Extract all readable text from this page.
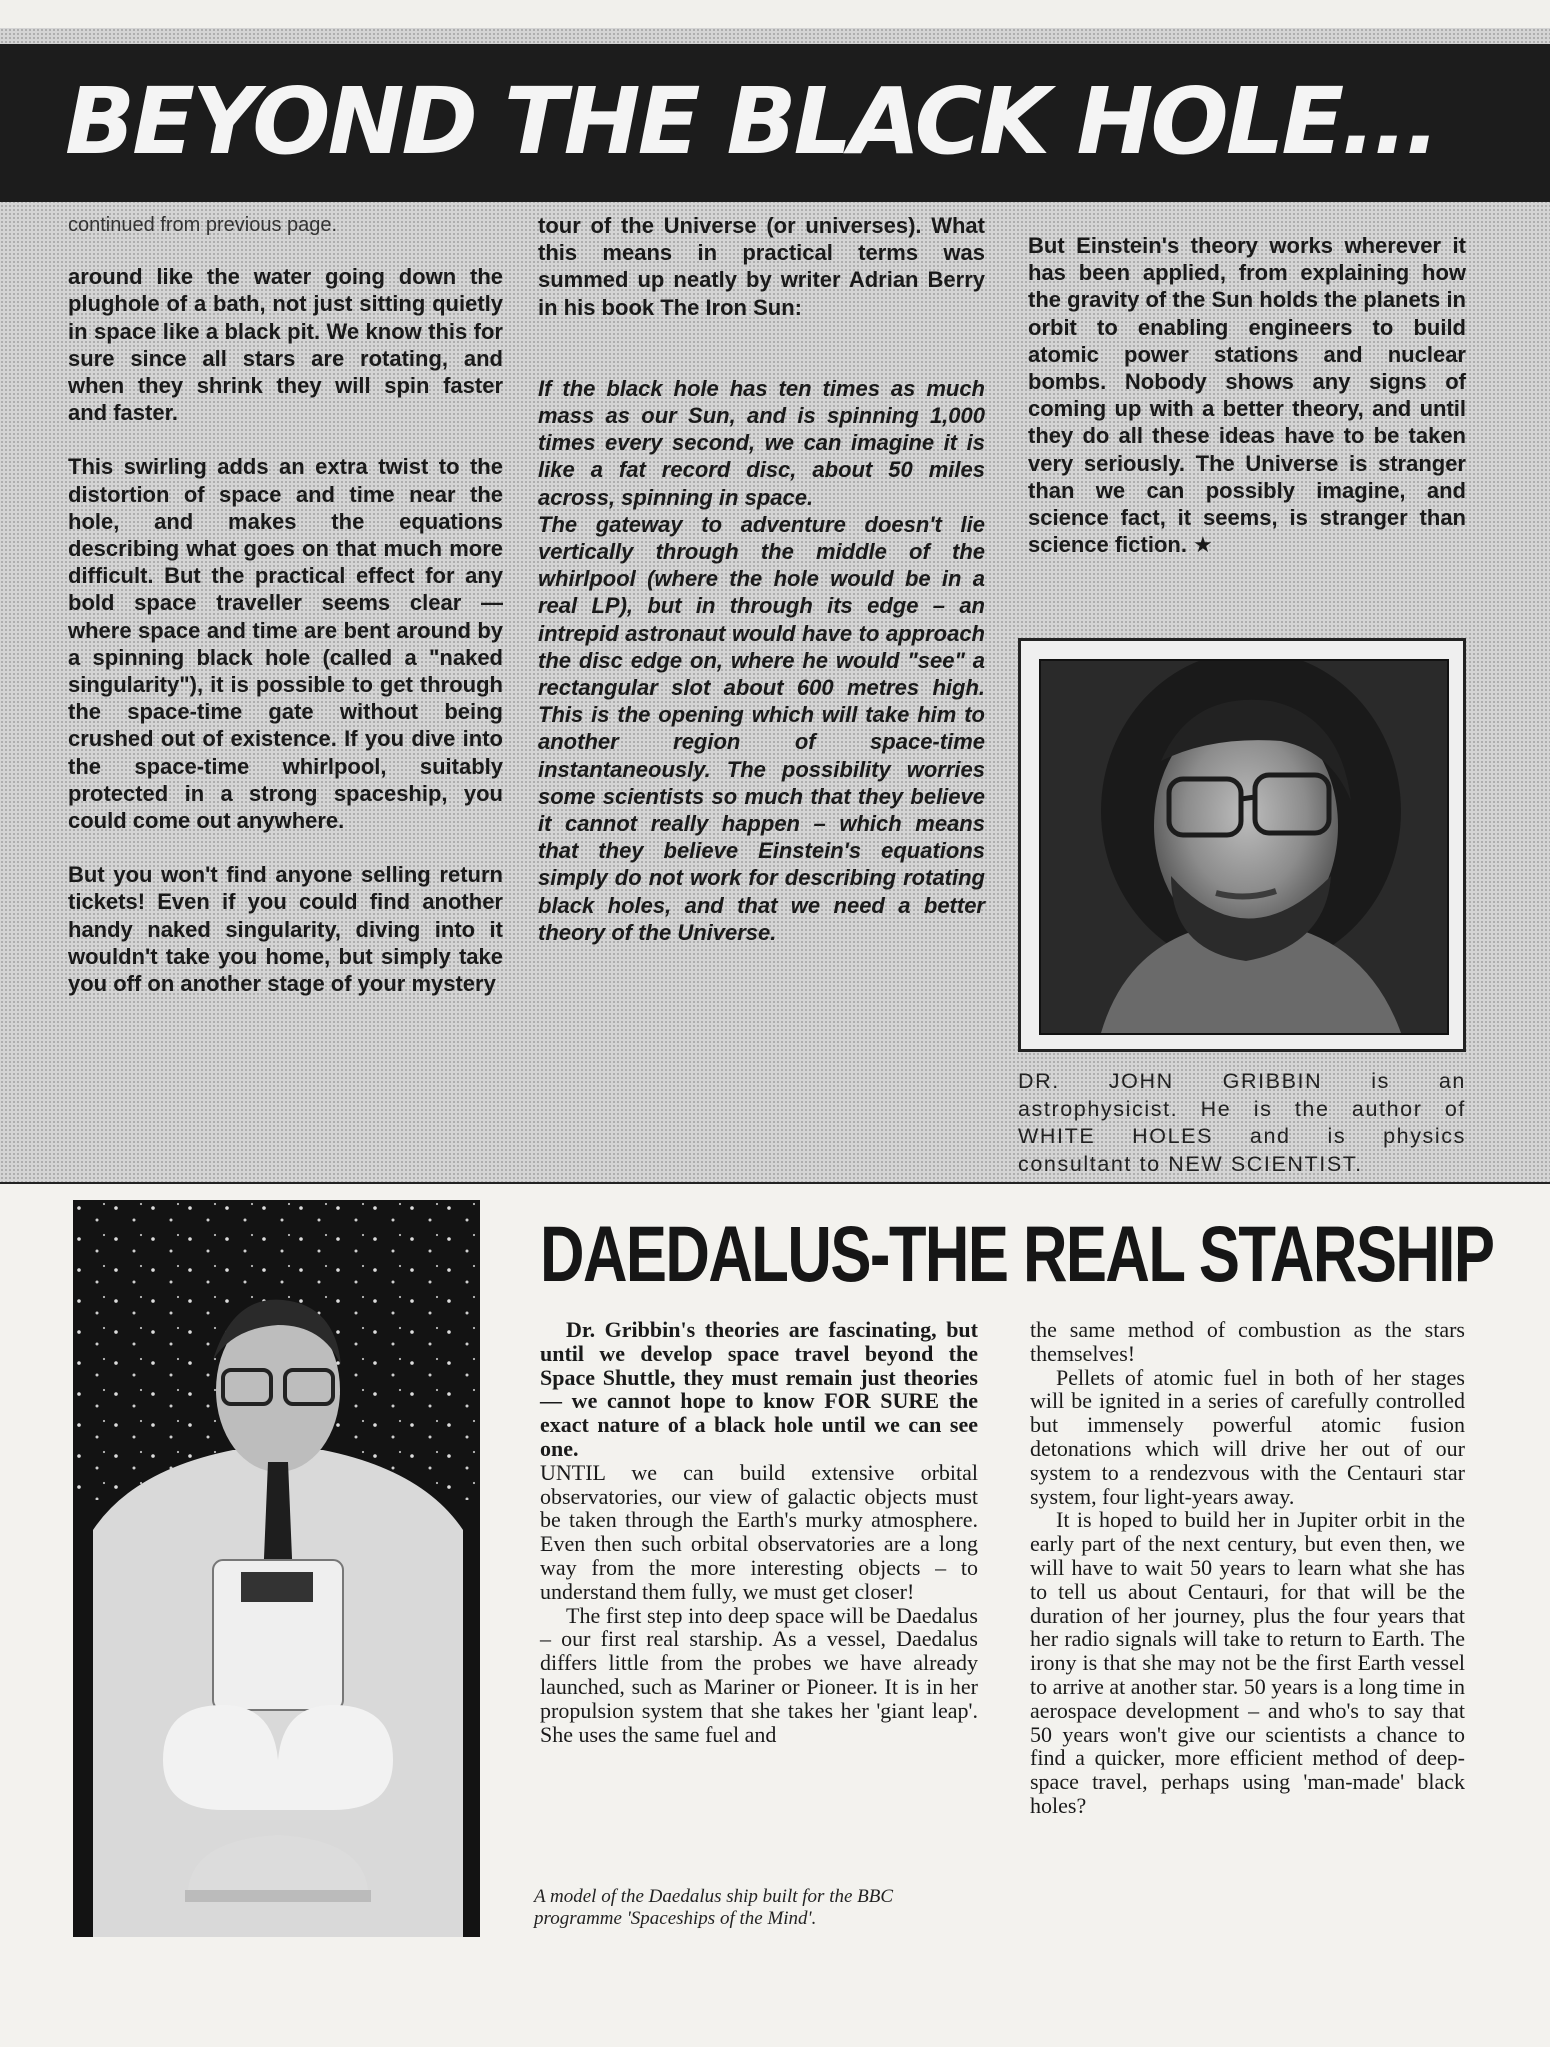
BEYOND THE BLACK HOLE...

continued from previous page.

around like the water going down the plughole of a bath, not just sitting quietly in space like a black pit. We know this for sure since all stars are rotating, and when they shrink they will spin faster and faster.

This swirling adds an extra twist to the distortion of space and time near the hole, and makes the equations describing what goes on that much more difficult. But the practical effect for any bold space traveller seems clear — where space and time are bent around by a spinning black hole (called a "naked singularity"), it is possible to get through the space-time gate without being crushed out of existence. If you dive into the space-time whirlpool, suitably protected in a strong spaceship, you could come out anywhere.

But you won't find anyone selling return tickets! Even if you could find another handy naked singularity, diving into it wouldn't take you home, but simply take you off on another stage of your mystery

tour of the Universe (or universes). What this means in practical terms was summed up neatly by writer Adrian Berry in his book The Iron Sun:

If the black hole has ten times as much mass as our Sun, and is spinning 1,000 times every second, we can imagine it is like a fat record disc, about 50 miles across, spinning in space.

The gateway to adventure doesn't lie vertically through the middle of the whirlpool (where the hole would be in a real LP), but in through its edge – an intrepid astronaut would have to approach the disc edge on, where he would "see" a rectangular slot about 600 metres high. This is the opening which will take him to another region of space-time instantaneously. The possibility worries some scientists so much that they believe it cannot really happen – which means that they believe Einstein's equations simply do not work for describing rotating black holes, and that we need a better theory of the Universe.

But Einstein's theory works wherever it has been applied, from explaining how the gravity of the Sun holds the planets in orbit to enabling engineers to build atomic power stations and nuclear bombs. Nobody shows any signs of coming up with a better theory, and until they do all these ideas have to be taken very seriously. The Universe is stranger than we can possibly imagine, and science fact, it seems, is stranger than science fiction. ★

DR. JOHN GRIBBIN is an astrophysicist. He is the author of WHITE HOLES and is physics consultant to NEW SCIENTIST.
DAEDALUS-THE REAL STARSHIP

Dr. Gribbin's theories are fascinating, but until we develop space travel beyond the Space Shuttle, they must remain just theories — we cannot hope to know FOR SURE the exact nature of a black hole until we can see one.

UNTIL we can build extensive orbital observatories, our view of galactic objects must be taken through the Earth's murky atmosphere. Even then such orbital observatories are a long way from the more interesting objects – to understand them fully, we must get closer!

The first step into deep space will be Daedalus – our first real starship. As a vessel, Daedalus differs little from the probes we have already launched, such as Mariner or Pioneer. It is in her propulsion system that she takes her 'giant leap'. She uses the same fuel and

the same method of combustion as the stars themselves!

Pellets of atomic fuel in both of her stages will be ignited in a series of carefully controlled but immensely powerful atomic fusion detonations which will drive her out of our system to a rendezvous with the Centauri star system, four light-years away.

It is hoped to build her in Jupiter orbit in the early part of the next century, but even then, we will have to wait 50 years to learn what she has to tell us about Centauri, for that will be the duration of her journey, plus the four years that her radio signals will take to return to Earth. The irony is that she may not be the first Earth vessel to arrive at another star. 50 years is a long time in aerospace development – and who's to say that 50 years won't give our scientists a chance to find a quicker, more efficient method of deep-space travel, perhaps using 'man-made' black holes?

A model of the Daedalus ship built for the BBC programme 'Spaceships of the Mind'.
